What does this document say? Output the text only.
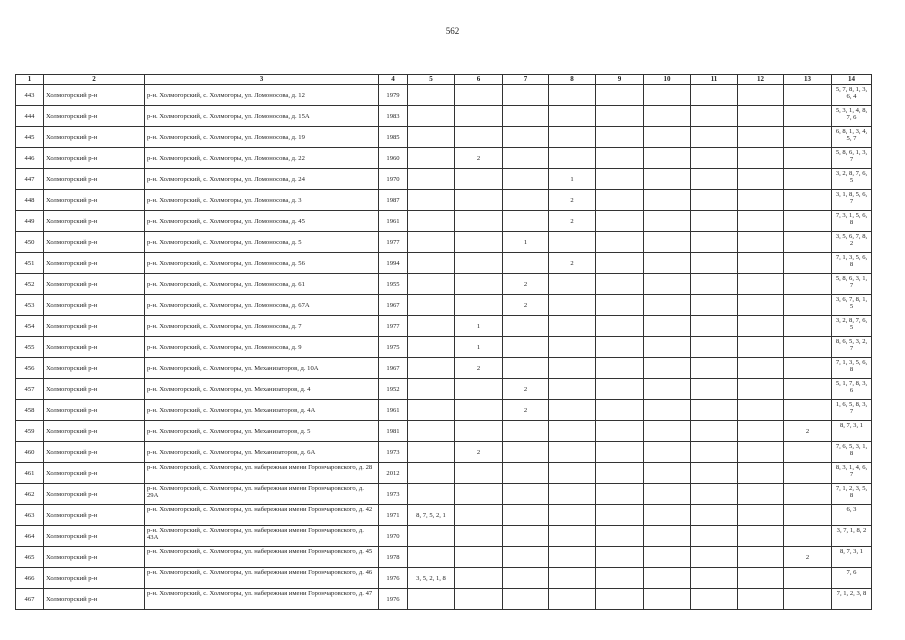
562
1	2	3	4	5	6	7	8	9	10	11	12	13	14
443	Холмогорский р-н	р-н. Холмогорский, с. Холмогоры, ул. Ломоносова, д. 12	1979										5, 7, 8, 1, 3, 6, 4
444	Холмогорский р-н	р-н. Холмогорский, с. Холмогоры, ул. Ломоносова, д. 15А	1983										5, 3, 1, 4, 8, 7, 6
445	Холмогорский р-н	р-н. Холмогорский, с. Холмогоры, ул. Ломоносова, д. 19	1985										6, 8, 1, 3, 4, 5, 7
446	Холмогорский р-н	р-н. Холмогорский, с. Холмогоры, ул. Ломоносова, д. 22	1960		2								5, 8, 6, 1, 3, 7
447	Холмогорский р-н	р-н. Холмогорский, с. Холмогоры, ул. Ломоносова, д. 24	1970				1						3, 2, 8, 7, 6, 5
448	Холмогорский р-н	р-н. Холмогорский, с. Холмогоры, ул. Ломоносова, д. 3	1987				2						3, 1, 8, 5, 6, 7
449	Холмогорский р-н	р-н. Холмогорский, с. Холмогоры, ул. Ломоносова, д. 45	1961				2						7, 3, 1, 5, 6, 8
450	Холмогорский р-н	р-н. Холмогорский, с. Холмогоры, ул. Ломоносова, д. 5	1977			1							3, 5, 6, 7, 8, 2
451	Холмогорский р-н	р-н. Холмогорский, с. Холмогоры, ул. Ломоносова, д. 56	1994				2						7, 1, 3, 5, 6, 8
452	Холмогорский р-н	р-н. Холмогорский, с. Холмогоры, ул. Ломоносова, д. 61	1955			2							5, 8, 6, 3, 1, 7
453	Холмогорский р-н	р-н. Холмогорский, с. Холмогоры, ул. Ломоносова, д. 67А	1967			2							3, 6, 7, 8, 1, 5
454	Холмогорский р-н	р-н. Холмогорский, с. Холмогоры, ул. Ломоносова, д. 7	1977		1								3, 2, 8, 7, 6, 5
455	Холмогорский р-н	р-н. Холмогорский, с. Холмогоры, ул. Ломоносова, д. 9	1975		1								8, 6, 5, 3, 2, 7
456	Холмогорский р-н	р-н. Холмогорский, с. Холмогоры, ул. Механизаторов, д. 10А	1967		2								7, 1, 3, 5, 6, 8
457	Холмогорский р-н	р-н. Холмогорский, с. Холмогоры, ул. Механизаторов, д. 4	1952			2							5, 1, 7, 8, 3, 6
458	Холмогорский р-н	р-н. Холмогорский, с. Холмогоры, ул. Механизаторов, д. 4А	1961			2							1, 6, 5, 8, 3, 7
459	Холмогорский р-н	р-н. Холмогорский, с. Холмогоры, ул. Механизаторов, д. 5	1981									2	8, 7, 3, 1
460	Холмогорский р-н	р-н. Холмогорский, с. Холмогоры, ул. Механизаторов, д. 6А	1973		2								7, 6, 5, 3, 1, 8
461	Холмогорский р-н	р-н. Холмогорский, с. Холмогоры, ул. набережная имени Горончаровского, д. 28	2012										8, 3, 1, 4, 6, 7
462	Холмогорский р-н	р-н. Холмогорский, с. Холмогоры, ул. набережная имени Горончаровского, д. 29А	1973										7, 1, 2, 3, 5, 8
463	Холмогорский р-н	р-н. Холмогорский, с. Холмогоры, ул. набережная имени Горончаровского, д. 42	1971	8, 7, 5, 2, 1									6, 3
464	Холмогорский р-н	р-н. Холмогорский, с. Холмогоры, ул. набережная имени Горончаровского, д. 43А	1970										3, 7, 1, 8, 2
465	Холмогорский р-н	р-н. Холмогорский, с. Холмогоры, ул. набережная имени Горончаровского, д. 45	1978									2	8, 7, 3, 1
466	Холмогорский р-н	р-н. Холмогорский, с. Холмогоры, ул. набережная имени Горончаровского, д. 46	1976	3, 5, 2, 1, 8									7, 6
467	Холмогорский р-н	р-н. Холмогорский, с. Холмогоры, ул. набережная имени Горончаровского, д. 47	1976										7, 1, 2, 3, 8
